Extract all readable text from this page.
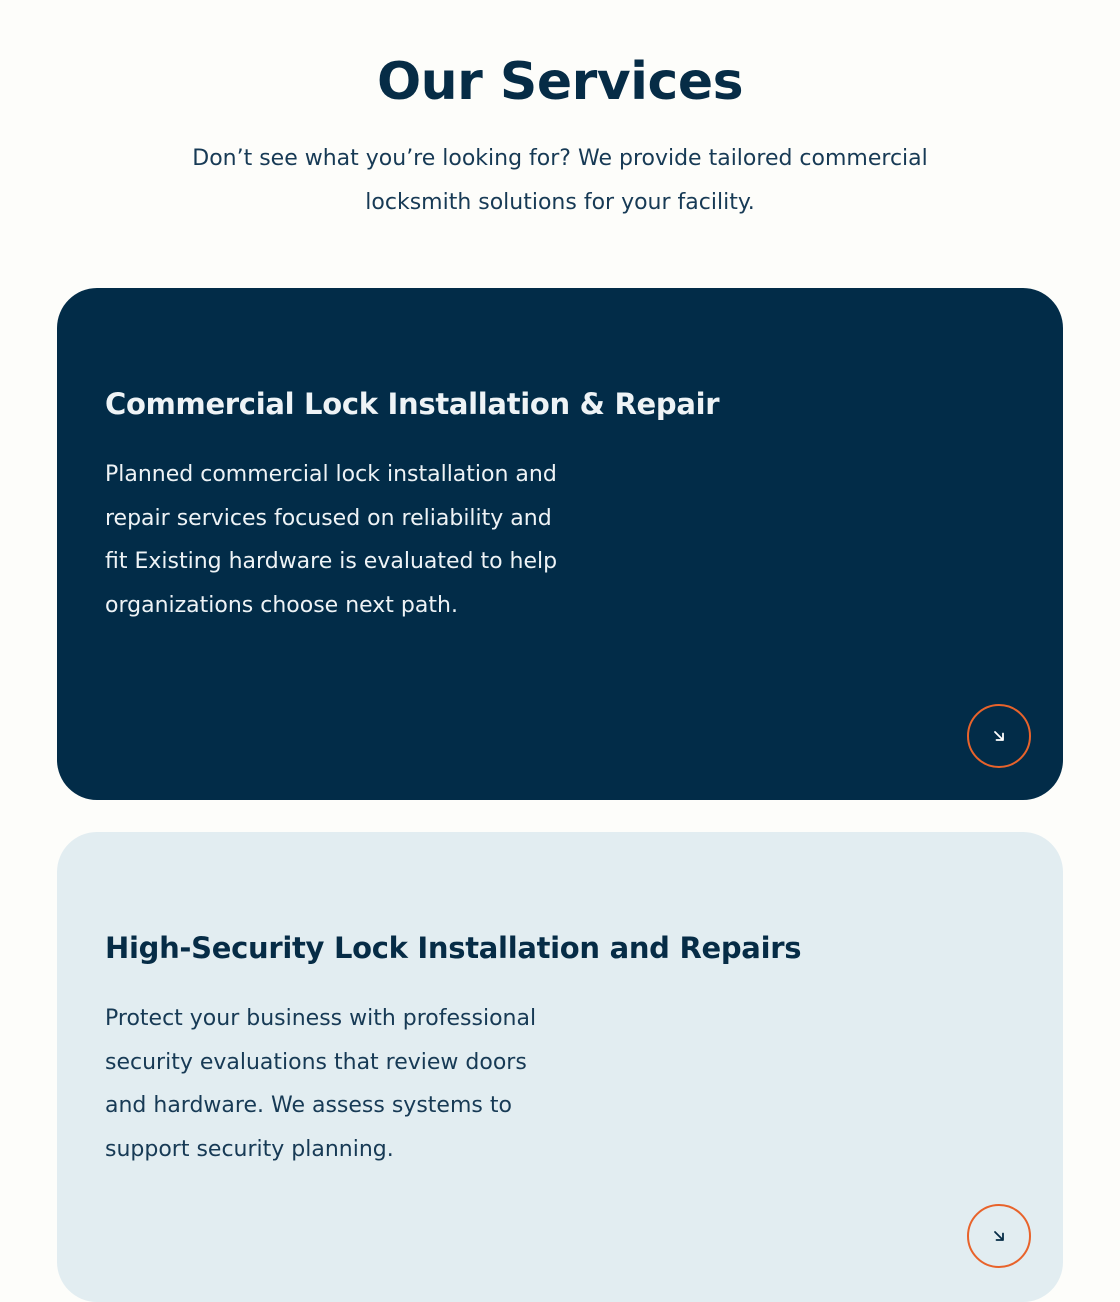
Our Services

Don’t see what you’re looking for? We provide tailored commercial locksmith solutions for your facility.

Commercial Lock Installation & Repair

Planned commercial lock installation and repair services focused on reliability and fit Existing hardware is evaluated to help organizations choose next path.

High-Security Lock Installation and Repairs

Protect your business with professional security evaluations that review doors and hardware. We assess systems to support security planning.
